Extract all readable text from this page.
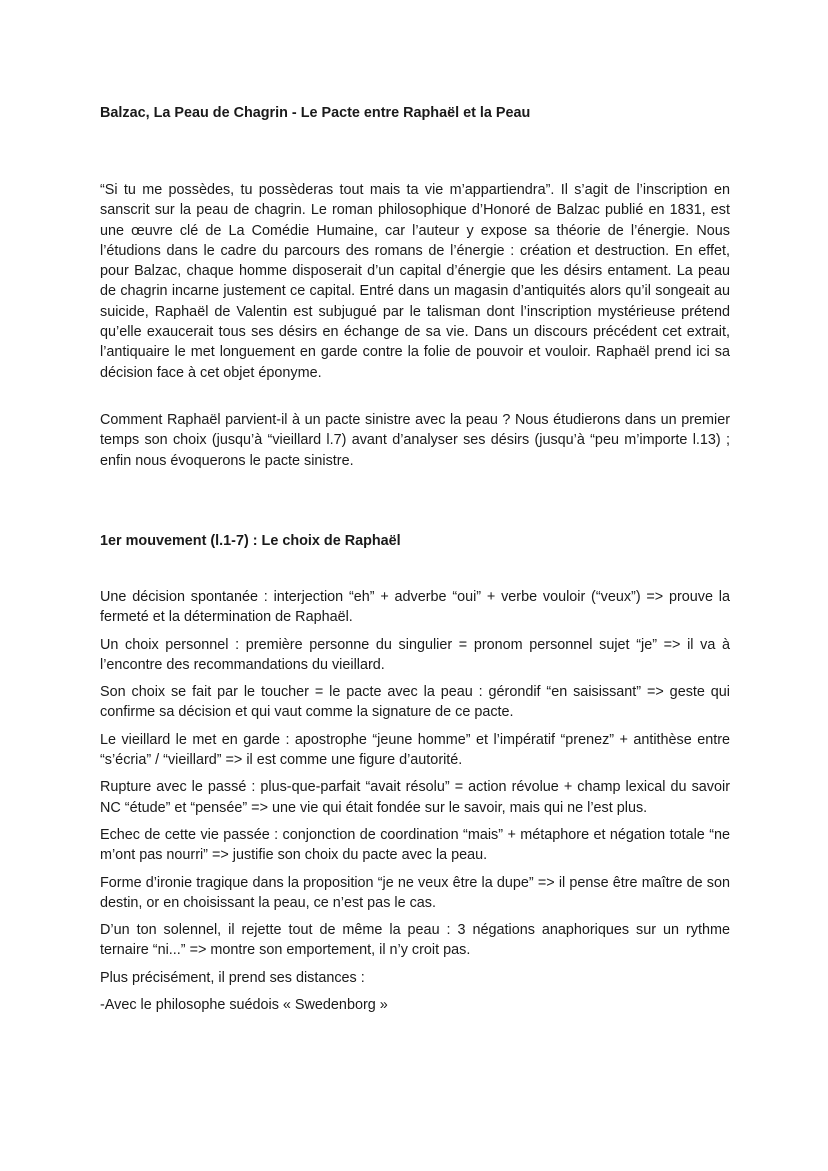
Balzac, La Peau de Chagrin - Le Pacte entre Raphaël et la Peau

“Si tu me possèdes, tu possèderas tout mais ta vie m’appartiendra”. Il s’agit de l’inscription en sanscrit sur la peau de chagrin. Le roman philosophique d’Honoré de Balzac publié en 1831, est une œuvre clé de La Comédie Humaine, car l’auteur y expose sa théorie de l’énergie. Nous l’étudions dans le cadre du parcours des romans de l’énergie : création et destruction. En effet, pour Balzac, chaque homme disposerait d’un capital d’énergie que les désirs entament. La peau de chagrin incarne justement ce capital. Entré dans un magasin d’antiquités alors qu’il songeait au suicide, Raphaël de Valentin est subjugué par le talisman dont l’inscription mystérieuse prétend qu’elle exaucerait tous ses désirs en échange de sa vie. Dans un discours précédent cet extrait, l’antiquaire le met longuement en garde contre la folie de pouvoir et vouloir. Raphaël prend ici sa décision face à cet objet éponyme.

Comment Raphaël parvient-il à un pacte sinistre avec la peau ? Nous étudierons dans un premier temps son choix (jusqu’à “vieillard l.7) avant d’analyser ses désirs (jusqu’à “peu m’importe l.13) ; enfin nous évoquerons le pacte sinistre.

1er mouvement (l.1-7) : Le choix de Raphaël

Une décision spontanée : interjection “eh” + adverbe “oui” + verbe vouloir (“veux”) => prouve la fermeté et la détermination de Raphaël.

Un choix personnel : première personne du singulier = pronom personnel sujet “je” => il va à l’encontre des recommandations du vieillard.

Son choix se fait par le toucher = le pacte avec la peau : gérondif “en saisissant” => geste qui confirme sa décision et qui vaut comme la signature de ce pacte.

Le vieillard le met en garde : apostrophe “jeune homme” et l’impératif “prenez” + antithèse entre “s’écria” / “vieillard” => il est comme une figure d’autorité.

Rupture avec le passé : plus-que-parfait “avait résolu” = action révolue + champ lexical du savoir NC “étude” et “pensée” => une vie qui était fondée sur le savoir, mais qui ne l’est plus.

Echec de cette vie passée : conjonction de coordination “mais” + métaphore et négation totale “ne m’ont pas nourri” => justifie son choix du pacte avec la peau.

Forme d’ironie tragique dans la proposition “je ne veux être la dupe” => il pense être maître de son destin, or en choisissant la peau, ce n’est pas le cas.

D’un ton solennel, il rejette tout de même la peau : 3 négations anaphoriques sur un rythme ternaire “ni...” => montre son emportement, il n’y croit pas.

Plus précisément, il prend ses distances :

-Avec le philosophe suédois « Swedenborg »
